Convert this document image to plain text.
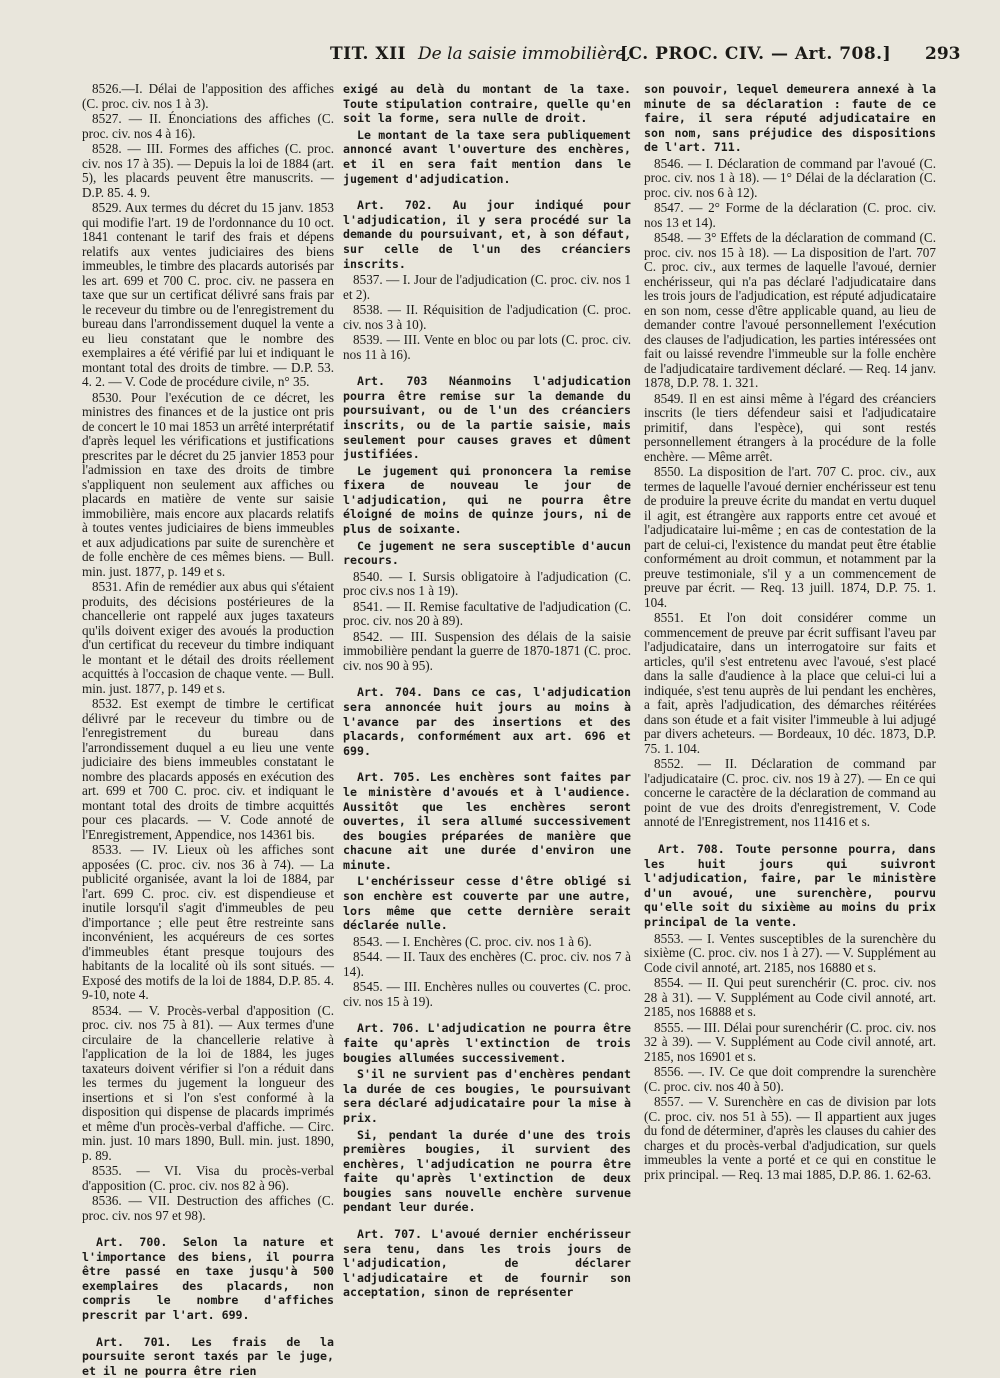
TIT. XII De la saisie immobilière,
[C. PROC. CIV. — Art. 708.] 293

8526.—I. Délai de l'apposition des affiches (C. proc. civ. nos 1 à 3).

8527. — II. Énonciations des affiches (C. proc. civ. nos 4 à 16).

8528. — III. Formes des affiches (C. proc. civ. nos 17 à 35). — Depuis la loi de 1884 (art. 5), les placards peuvent être manuscrits. — D.P. 85. 4. 9.

8529. Aux termes du décret du 15 janv. 1853 qui modifie l'art. 19 de l'ordonnance du 10 oct. 1841 contenant le tarif des frais et dépens relatifs aux ventes judiciaires des biens immeubles, le timbre des placards autorisés par les art. 699 et 700 C. proc. civ. ne passera en taxe que sur un certificat délivré sans frais par le receveur du timbre ou de l'enregistrement du bureau dans l'arrondissement duquel la vente a eu lieu constatant que le nombre des exemplaires a été vérifié par lui et indiquant le montant total des droits de timbre. — D.P. 53. 4. 2. — V. Code de procédure civile, n° 35.

8530. Pour l'exécution de ce décret, les ministres des finances et de la justice ont pris de concert le 10 mai 1853 un arrêté interprétatif d'après lequel les vérifications et justifications prescrites par le décret du 25 janvier 1853 pour l'admission en taxe des droits de timbre s'appliquent non seulement aux affiches ou placards en matière de vente sur saisie immobilière, mais encore aux placards relatifs à toutes ventes judiciaires de biens immeubles et aux adjudications par suite de surenchère et de folle enchère de ces mêmes biens. — Bull. min. just. 1877, p. 149 et s.

8531. Afin de remédier aux abus qui s'étaient produits, des décisions postérieures de la chancellerie ont rappelé aux juges taxateurs qu'ils doivent exiger des avoués la production d'un certificat du receveur du timbre indiquant le montant et le détail des droits réellement acquittés à l'occasion de chaque vente. — Bull. min. just. 1877, p. 149 et s.

8532. Est exempt de timbre le certificat délivré par le receveur du timbre ou de l'enregistrement du bureau dans l'arrondissement duquel a eu lieu une vente judiciaire des biens immeubles constatant le nombre des placards apposés en exécution des art. 699 et 700 C. proc. civ. et indiquant le montant total des droits de timbre acquittés pour ces placards. — V. Code annoté de l'Enregistrement, Appendice, nos 14361 bis.

8533. — IV. Lieux où les affiches sont apposées (C. proc. civ. nos 36 à 74). — La publicité organisée, avant la loi de 1884, par l'art. 699 C. proc. civ. est dispendieuse et inutile lorsqu'il s'agit d'immeubles de peu d'importance ; elle peut être restreinte sans inconvénient, les acquéreurs de ces sortes d'immeubles étant presque toujours des habitants de la localité où ils sont situés. — Exposé des motifs de la loi de 1884, D.P. 85. 4. 9-10, note 4.

8534. — V. Procès-verbal d'apposition (C. proc. civ. nos 75 à 81). — Aux termes d'une circulaire de la chancellerie relative à l'application de la loi de 1884, les juges taxateurs doivent vérifier si l'on a réduit dans les termes du jugement la longueur des insertions et si l'on s'est conformé à la disposition qui dispense de placards imprimés et même d'un procès-verbal d'affiche. — Circ. min. just. 10 mars 1890, Bull. min. just. 1890, p. 89.

8535. — VI. Visa du procès-verbal d'apposition (C. proc. civ. nos 82 à 96).

8536. — VII. Destruction des affiches (C. proc. civ. nos 97 et 98).

Art. 700. Selon la nature et l'importance des biens, il pourra être passé en taxe jusqu'à 500 exemplaires des placards, non compris le nombre d'affiches prescrit par l'art. 699.

Art. 701. Les frais de la poursuite seront taxés par le juge, et il ne pourra être rien

exigé au delà du montant de la taxe. Toute stipulation contraire, quelle qu'en soit la forme, sera nulle de droit.

Le montant de la taxe sera publiquement annoncé avant l'ouverture des enchères, et il en sera fait mention dans le jugement d'adjudication.

Art. 702. Au jour indiqué pour l'adjudication, il y sera procédé sur la demande du poursuivant, et, à son défaut, sur celle de l'un des créanciers inscrits.

8537. — I. Jour de l'adjudication (C. proc. civ. nos 1 et 2).

8538. — II. Réquisition de l'adjudication (C. proc. civ. nos 3 à 10).

8539. — III. Vente en bloc ou par lots (C. proc. civ. nos 11 à 16).

Art. 703 Néanmoins l'adjudication pourra être remise sur la demande du poursuivant, ou de l'un des créanciers inscrits, ou de la partie saisie, mais seulement pour causes graves et dûment justifiées.

Le jugement qui prononcera la remise fixera de nouveau le jour de l'adjudication, qui ne pourra être éloigné de moins de quinze jours, ni de plus de soixante.

Ce jugement ne sera susceptible d'aucun recours.

8540. — I. Sursis obligatoire à l'adjudication (C. proc civ.s nos 1 à 19).

8541. — II. Remise facultative de l'adjudication (C. proc. civ. nos 20 à 89).

8542. — III. Suspension des délais de la saisie immobilière pendant la guerre de 1870-1871 (C. proc. civ. nos 90 à 95).

Art. 704. Dans ce cas, l'adjudication sera annoncée huit jours au moins à l'avance par des insertions et des placards, conformément aux art. 696 et 699.

Art. 705. Les enchères sont faites par le ministère d'avoués et à l'audience. Aussitôt que les enchères seront ouvertes, il sera allumé successivement des bougies préparées de manière que chacune ait une durée d'environ une minute.

L'enchérisseur cesse d'être obligé si son enchère est couverte par une autre, lors même que cette dernière serait déclarée nulle.

8543. — I. Enchères (C. proc. civ. nos 1 à 6).

8544. — II. Taux des enchères (C. proc. civ. nos 7 à 14).

8545. — III. Enchères nulles ou couvertes (C. proc. civ. nos 15 à 19).

Art. 706. L'adjudication ne pourra être faite qu'après l'extinction de trois bougies allumées successivement.

S'il ne survient pas d'enchères pendant la durée de ces bougies, le poursuivant sera déclaré adjudicataire pour la mise à prix.

Si, pendant la durée d'une des trois premières bougies, il survient des enchères, l'adjudication ne pourra être faite qu'après l'extinction de deux bougies sans nouvelle enchère survenue pendant leur durée.

Art. 707. L'avoué dernier enchérisseur sera tenu, dans les trois jours de l'adjudication, de déclarer l'adjudicataire et de fournir son acceptation, sinon de représenter

son pouvoir, lequel demeurera annexé à la minute de sa déclaration : faute de ce faire, il sera réputé adjudicataire en son nom, sans préjudice des dispositions de l'art. 711.

8546. — I. Déclaration de command par l'avoué (C. proc. civ. nos 1 à 18). — 1° Délai de la déclaration (C. proc. civ. nos 6 à 12).

8547. — 2° Forme de la déclaration (C. proc. civ. nos 13 et 14).

8548. — 3° Effets de la déclaration de command (C. proc. civ. nos 15 à 18). — La disposition de l'art. 707 C. proc. civ., aux termes de laquelle l'avoué, dernier enchérisseur, qui n'a pas déclaré l'adjudicataire dans les trois jours de l'adjudication, est réputé adjudicataire en son nom, cesse d'être applicable quand, au lieu de demander contre l'avoué personnellement l'exécution des clauses de l'adjudication, les parties intéressées ont fait ou laissé revendre l'immeuble sur la folle enchère de l'adjudicataire tardivement déclaré. — Req. 14 janv. 1878, D.P. 78. 1. 321.

8549. Il en est ainsi même à l'égard des créanciers inscrits (le tiers défendeur saisi et l'adjudicataire primitif, dans l'espèce), qui sont restés personnellement étrangers à la procédure de la folle enchère. — Même arrêt.

8550. La disposition de l'art. 707 C. proc. civ., aux termes de laquelle l'avoué dernier enchérisseur est tenu de produire la preuve écrite du mandat en vertu duquel il agit, est étrangère aux rapports entre cet avoué et l'adjudicataire lui-même ; en cas de contestation de la part de celui-ci, l'existence du mandat peut être établie conformément au droit commun, et notamment par la preuve testimoniale, s'il y a un commencement de preuve par écrit. — Req. 13 juill. 1874, D.P. 75. 1. 104.

8551. Et l'on doit considérer comme un commencement de preuve par écrit suffisant l'aveu par l'adjudicataire, dans un interrogatoire sur faits et articles, qu'il s'est entretenu avec l'avoué, s'est placé dans la salle d'audience à la place que celui-ci lui a indiquée, s'est tenu auprès de lui pendant les enchères, a fait, après l'adjudication, des démarches réitérées dans son étude et a fait visiter l'immeuble à lui adjugé par divers acheteurs. — Bordeaux, 10 déc. 1873, D.P. 75. 1. 104.

8552. — II. Déclaration de command par l'adjudicataire (C. proc. civ. nos 19 à 27). — En ce qui concerne le caractère de la déclaration de command au point de vue des droits d'enregistrement, V. Code annoté de l'Enregistrement, nos 11416 et s.

Art. 708. Toute personne pourra, dans les huit jours qui suivront l'adjudication, faire, par le ministère d'un avoué, une surenchère, pourvu qu'elle soit du sixième au moins du prix principal de la vente.

8553. — I. Ventes susceptibles de la surenchère du sixième (C. proc. civ. nos 1 à 27). — V. Supplément au Code civil annoté, art. 2185, nos 16880 et s.

8554. — II. Qui peut surenchérir (C. proc. civ. nos 28 à 31). — V. Supplément au Code civil annoté, art. 2185, nos 16888 et s.

8555. — III. Délai pour surenchérir (C. proc. civ. nos 32 à 39). — V. Supplément au Code civil annoté, art. 2185, nos 16901 et s.

8556. —. IV. Ce que doit comprendre la surenchère (C. proc. civ. nos 40 à 50).

8557. — V. Surenchère en cas de division par lots (C. proc. civ. nos 51 à 55). — Il appartient aux juges du fond de déterminer, d'après les clauses du cahier des charges et du procès-verbal d'adjudication, sur quels immeubles la vente a porté et ce qui en constitue le prix principal. — Req. 13 mai 1885, D.P. 86. 1. 62-63.
